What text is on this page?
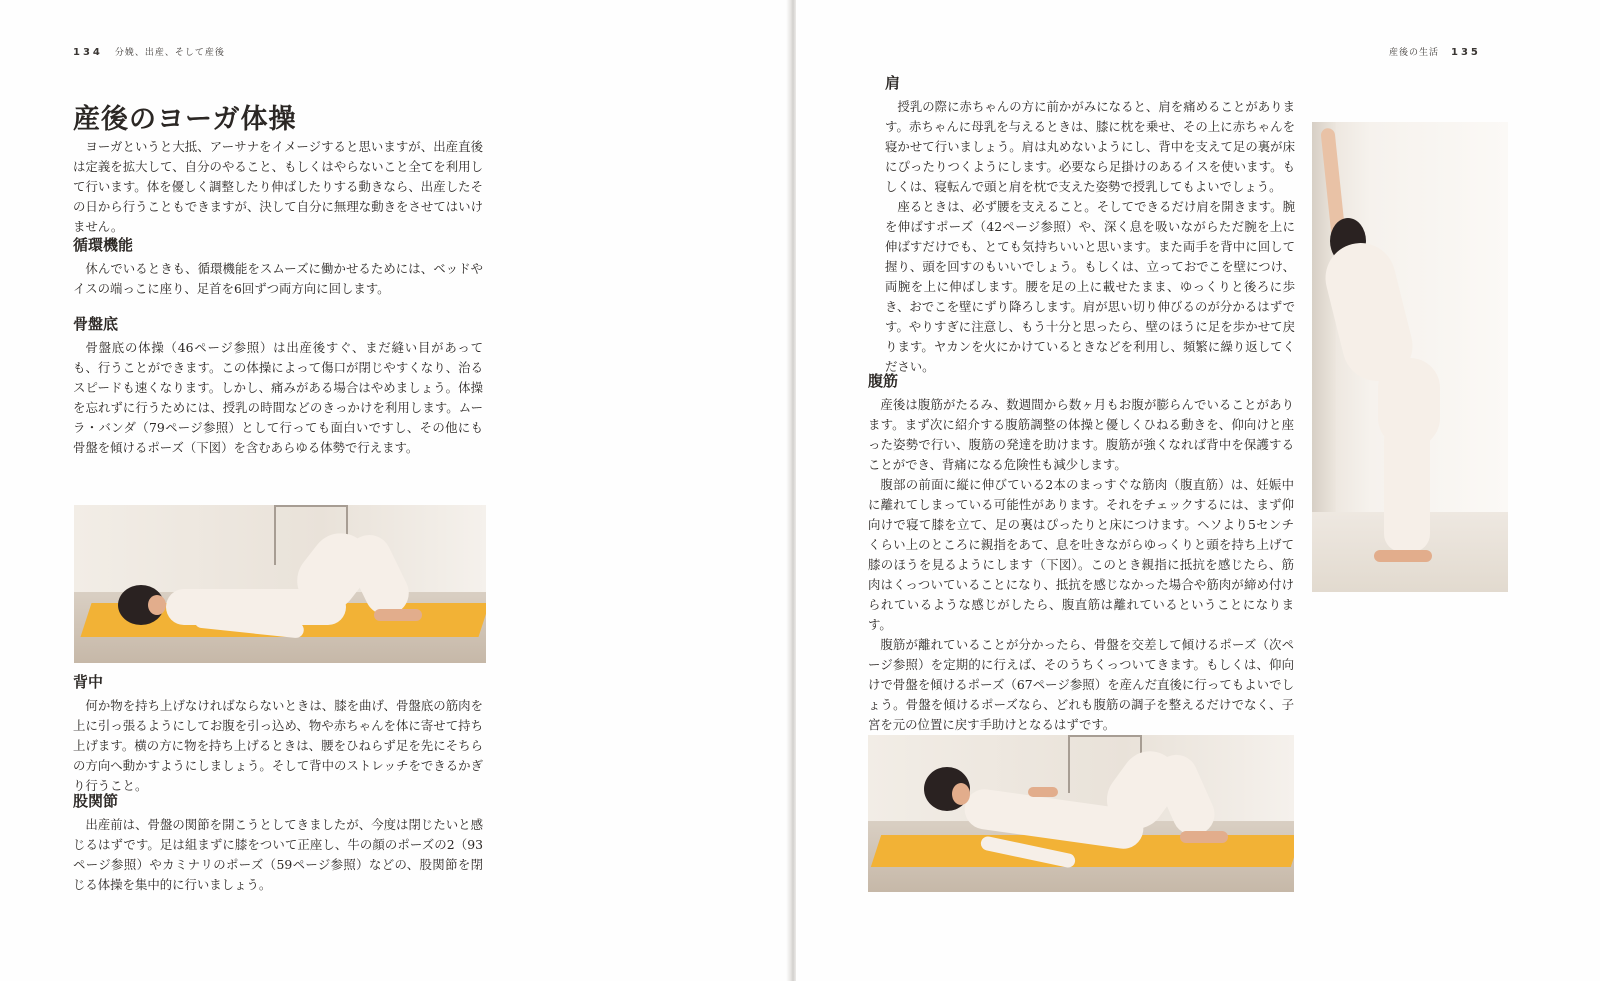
134 分娩、出産、そして産後
産後のヨーガ体操

ヨーガというと大抵、アーサナをイメージすると思いますが、出産直後は定義を拡大して、自分のやること、もしくはやらないこと全てを利用して行います。体を優しく調整したり伸ばしたりする動きなら、出産したその日から行うこともできますが、決して自分に無理な動きをさせてはいけません。

循環機能

休んでいるときも、循環機能をスムーズに働かせるためには、ベッドやイスの端っこに座り、足首を6回ずつ両方向に回します。

骨盤底

骨盤底の体操（46ページ参照）は出産後すぐ、まだ縫い目があっても、行うことができます。この体操によって傷口が閉じやすくなり、治るスピードも速くなります。しかし、痛みがある場合はやめましょう。体操を忘れずに行うためには、授乳の時間などのきっかけを利用します。ムーラ・バンダ（79ページ参照）として行っても面白いですし、その他にも骨盤を傾けるポーズ（下図）を含むあらゆる体勢で行えます。

背中

何か物を持ち上げなければならないときは、膝を曲げ、骨盤底の筋肉を上に引っ張るようにしてお腹を引っ込め、物や赤ちゃんを体に寄せて持ち上げます。横の方に物を持ち上げるときは、腰をひねらず足を先にそちらの方向へ動かすようにしましょう。そして背中のストレッチをできるかぎり行うこと。

股関節

出産前は、骨盤の関節を開こうとしてきましたが、今度は閉じたいと感じるはずです。足は組まずに膝をついて正座し、牛の顔のポーズの2（93ページ参照）やカミナリのポーズ（59ページ参照）などの、股関節を閉じる体操を集中的に行いましょう。

産後の生活 135
肩

授乳の際に赤ちゃんの方に前かがみになると、肩を痛めることがあります。赤ちゃんに母乳を与えるときは、膝に枕を乗せ、その上に赤ちゃんを寝かせて行いましょう。肩は丸めないようにし、背中を支えて足の裏が床にぴったりつくようにします。必要なら足掛けのあるイスを使います。もしくは、寝転んで頭と肩を枕で支えた姿勢で授乳してもよいでしょう。

座るときは、必ず腰を支えること。そしてできるだけ肩を開きます。腕を伸ばすポーズ（42ページ参照）や、深く息を吸いながらただ腕を上に伸ばすだけでも、とても気持ちいいと思います。また両手を背中に回して握り、頭を回すのもいいでしょう。もしくは、立っておでこを壁につけ、両腕を上に伸ばします。腰を足の上に載せたまま、ゆっくりと後ろに歩き、おでこを壁にずり降ろします。肩が思い切り伸びるのが分かるはずです。やりすぎに注意し、もう十分と思ったら、壁のほうに足を歩かせて戻ります。ヤカンを火にかけているときなどを利用し、頻繁に繰り返してください。

腹筋

産後は腹筋がたるみ、数週間から数ヶ月もお腹が膨らんでいることがあります。まず次に紹介する腹筋調整の体操と優しくひねる動きを、仰向けと座った姿勢で行い、腹筋の発達を助けます。腹筋が強くなれば背中を保護することができ、背痛になる危険性も減少します。

腹部の前面に縦に伸びている2本のまっすぐな筋肉（腹直筋）は、妊娠中に離れてしまっている可能性があります。それをチェックするには、まず仰向けで寝て膝を立て、足の裏はぴったりと床につけます。ヘソより5センチくらい上のところに親指をあて、息を吐きながらゆっくりと頭を持ち上げて膝のほうを見るようにします（下図）。このとき親指に抵抗を感じたら、筋肉はくっついていることになり、抵抗を感じなかった場合や筋肉が締め付けられているような感じがしたら、腹直筋は離れているということになります。

腹筋が離れていることが分かったら、骨盤を交差して傾けるポーズ（次ページ参照）を定期的に行えば、そのうちくっついてきます。もしくは、仰向けで骨盤を傾けるポーズ（67ページ参照）を産んだ直後に行ってもよいでしょう。骨盤を傾けるポーズなら、どれも腹筋の調子を整えるだけでなく、子宮を元の位置に戻す手助けとなるはずです。
